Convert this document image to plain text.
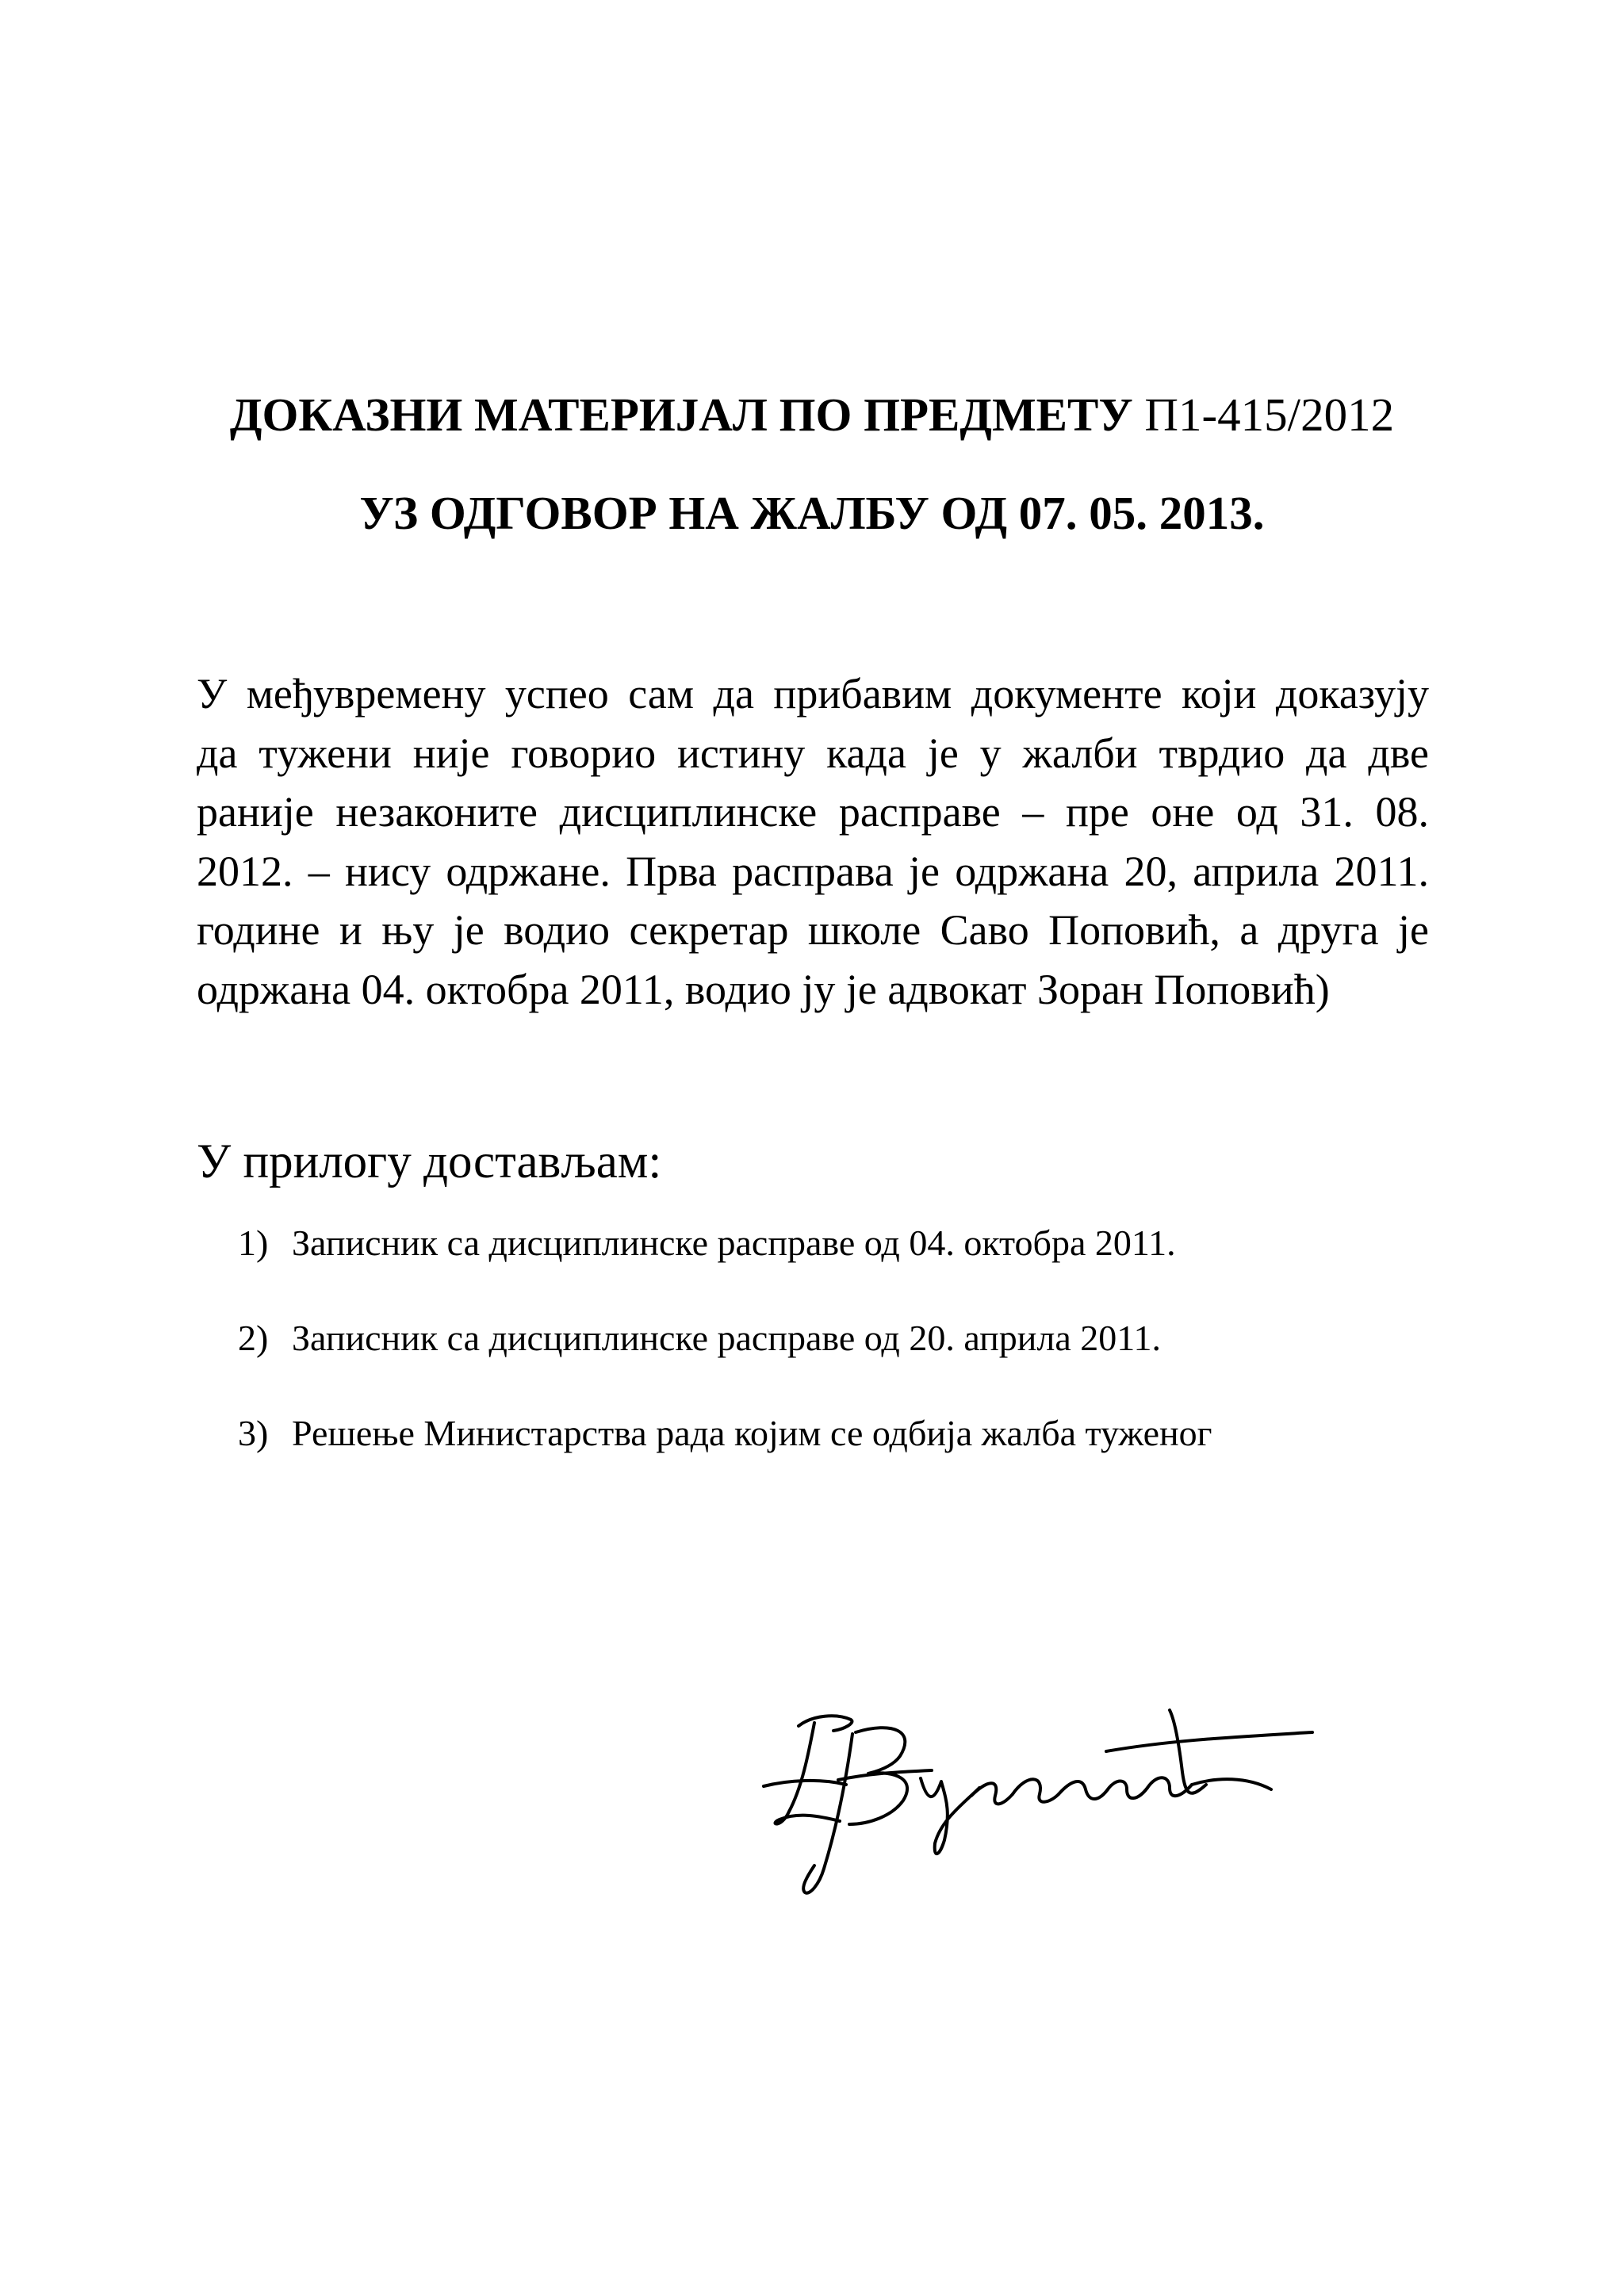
ДОКАЗНИ МАТЕРИЈАЛ ПО ПРЕДМЕТУ П1-415/2012
УЗ ОДГОВОР НА ЖАЛБУ ОД 07. 05. 2013.
У међувремену успео сам да прибавим документе који доказују
да тужени није говорио истину када је у жалби тврдио да две
раније незаконите дисциплинске расправе – пре оне од 31. 08.
2012. – нису одржане. Прва расправа је одржана 20, априла 2011.
године и њу је водио секретар школе Саво Поповић, а друга је
одржана 04. октобра 2011, водио ју је адвокат Зоран Поповић)
У прилогу достављам:
1) Записник са дисциплинске расправе од 04. октобра 2011.
2) Записник са дисциплинске расправе од 20. априла 2011.
3) Решење Министарства рада којим се одбија жалба туженог
